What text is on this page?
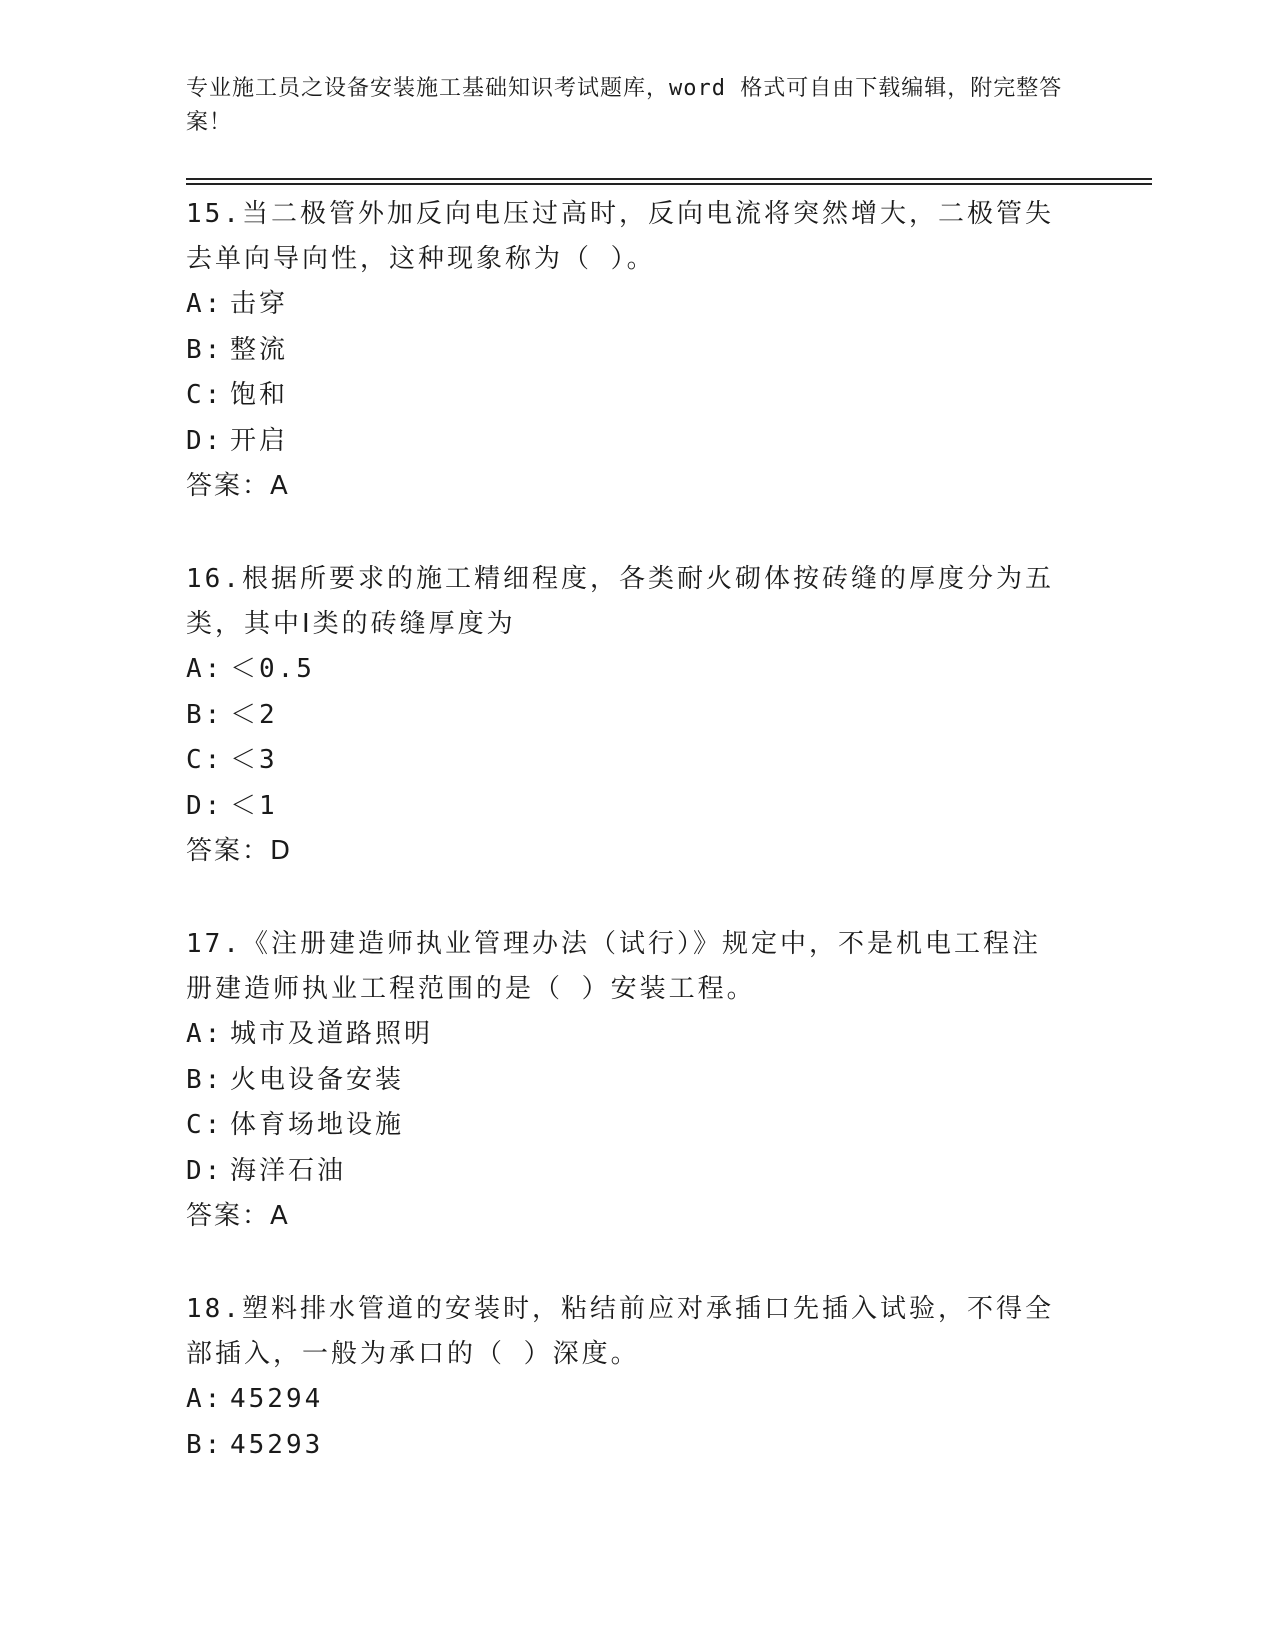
专业施工员之设备安装施工基础知识考试题库，word 格式可自由下载编辑，附完整答案！

15.当二极管外加反向电压过高时，反向电流将突然增大，二极管失去单向导向性，这种现象称为（ ）。

A: 击穿
B: 整流
C: 饱和
D: 开启
答案：A

16.根据所要求的施工精细程度，各类耐火砌体按砖缝的厚度分为五类，其中Ⅰ类的砖缝厚度为

A: ＜0.5
B: ＜2
C: ＜3
D: ＜1
答案：D

17.《注册建造师执业管理办法（试行）》规定中，不是机电工程注册建造师执业工程范围的是（ ）安装工程。

A: 城市及道路照明
B: 火电设备安装
C: 体育场地设施
D: 海洋石油
答案：A

18.塑料排水管道的安装时，粘结前应对承插口先插入试验，不得全部插入，一般为承口的（ ）深度。

A: 45294
B: 45293
